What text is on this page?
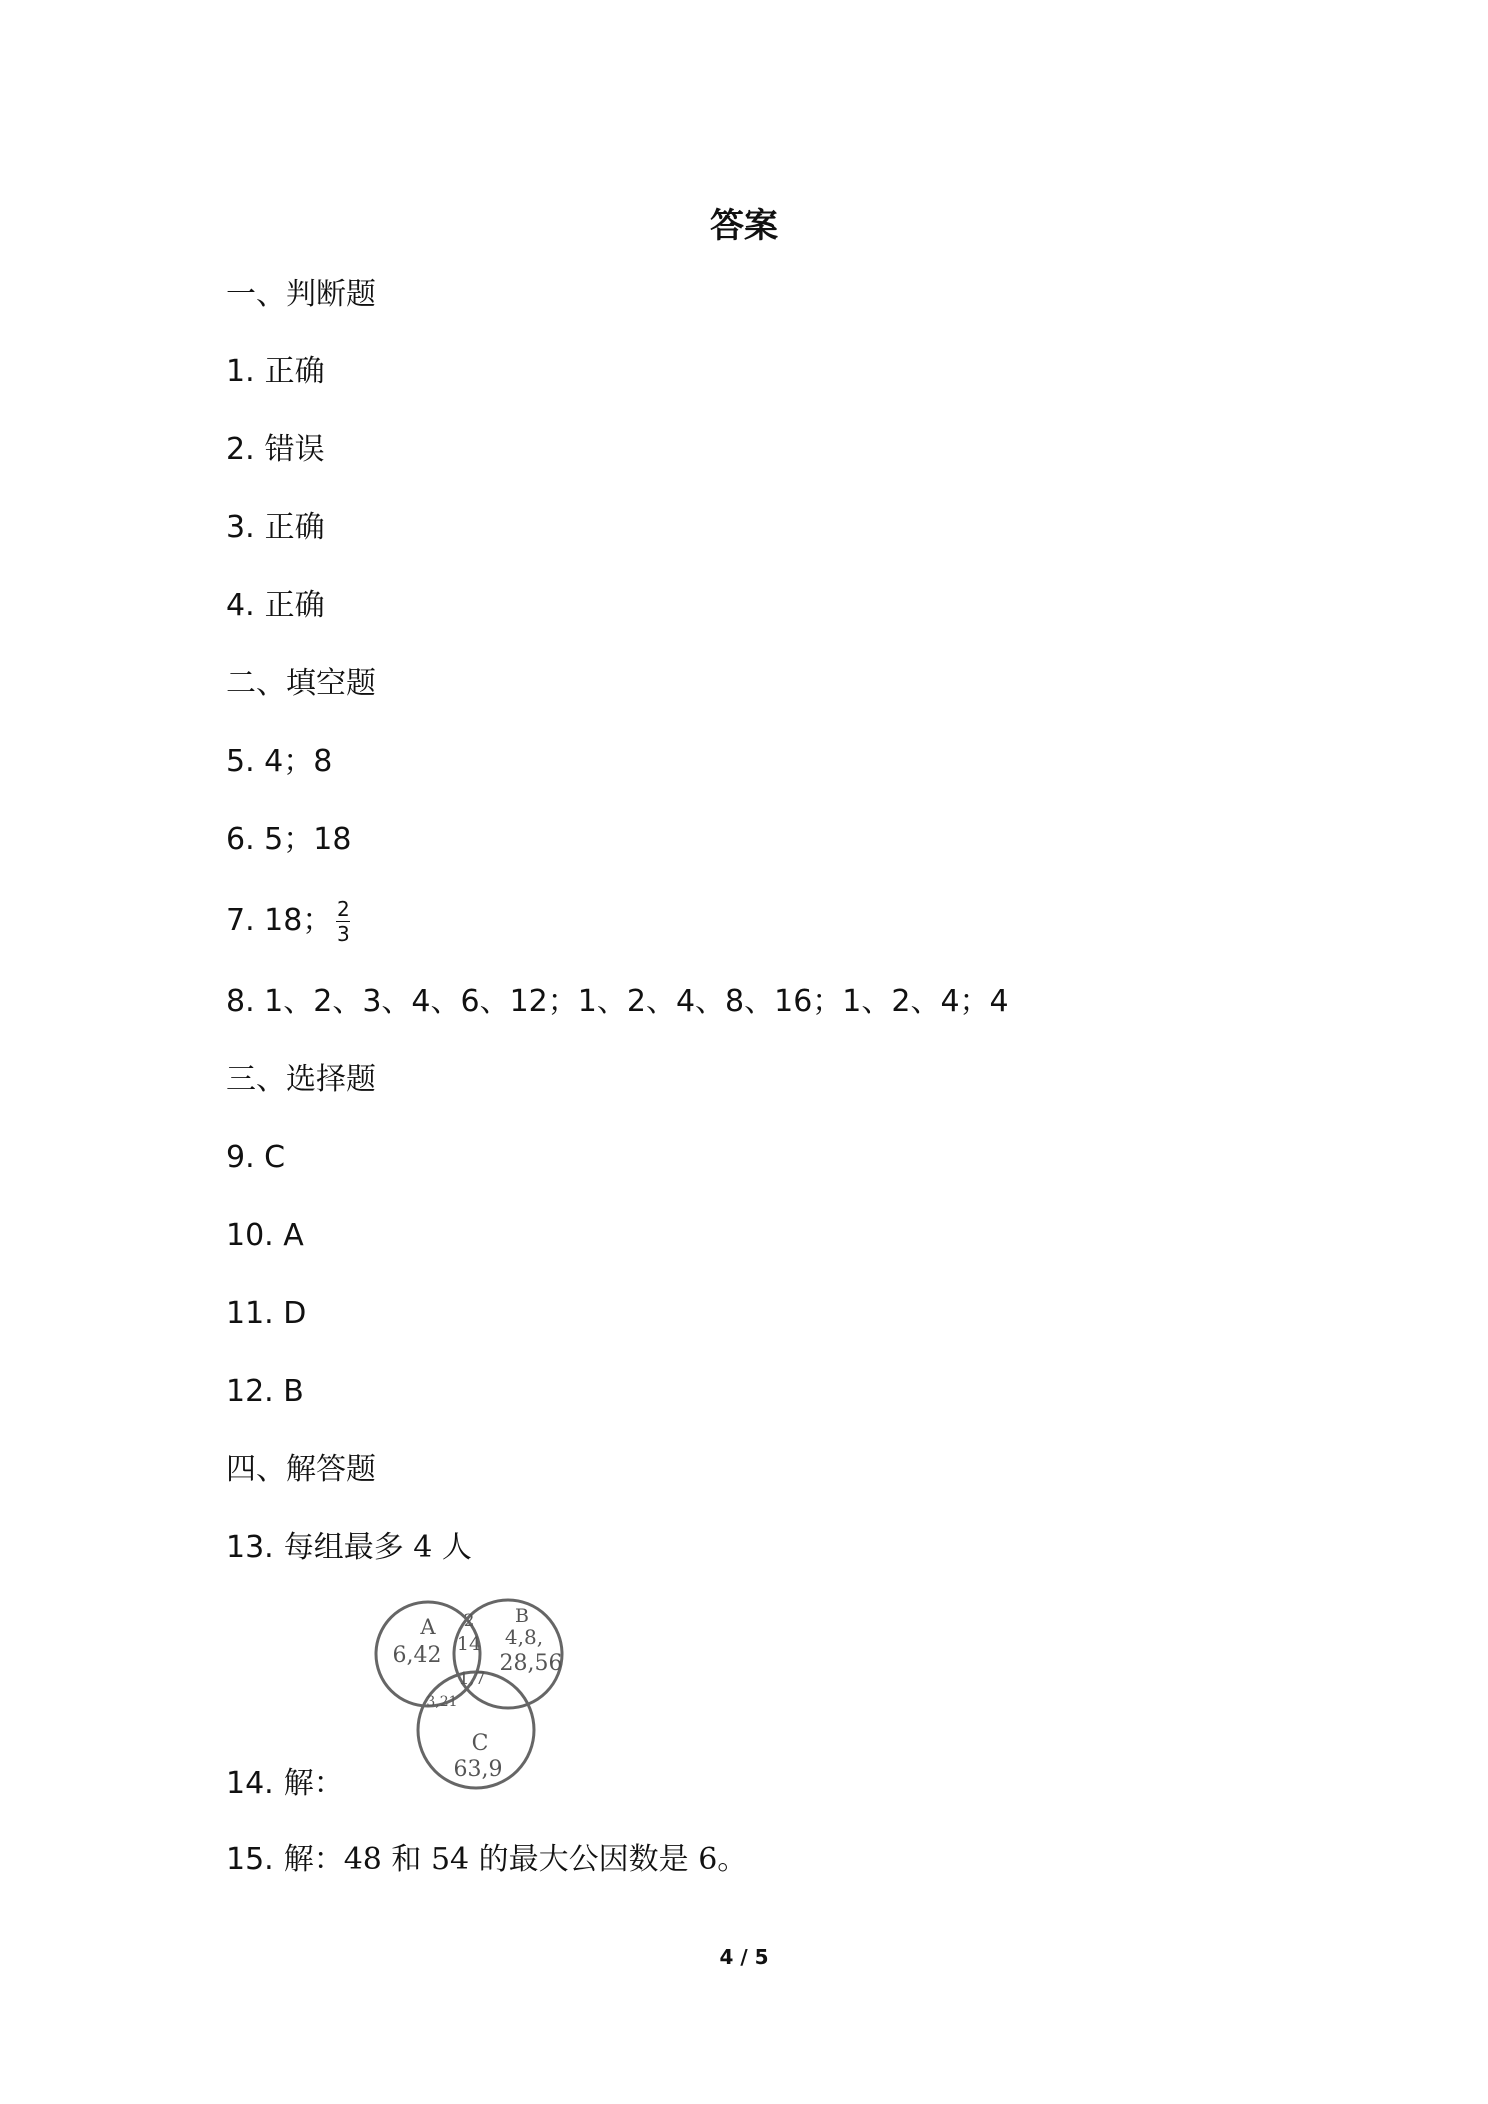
答案
一、判断题
1. 正确
2. 错误
3. 正确
4. 正确
二、填空题
5. 4；8
6. 5；18
7. 18； $\frac{2}{3}$
8. 1、2、3、4、6、12；1、2、4、8、16；1、2、4；4
三、选择题
9. C
10. A
11. D
12. B
四、解答题
13. 每组最多 4 人
A
6,42
B
4,8,
28,56
2
14
1,7
3,21
C
63,9
14. 解：
15. 解：48 和 54 的最大公因数是 6。
4 / 5
